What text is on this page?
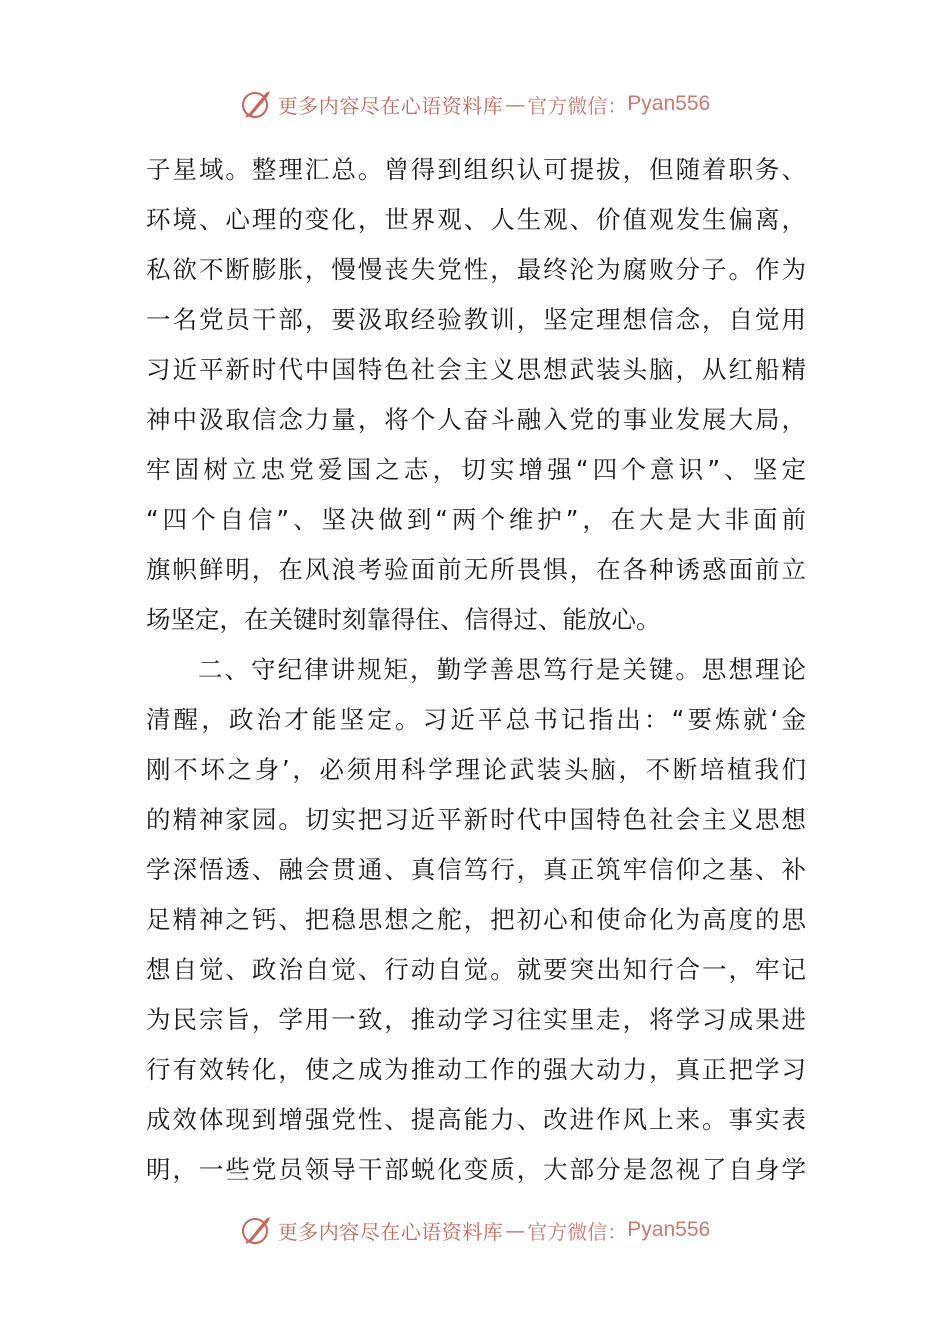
更多内容尽在心语资料库 — 官方微信： Pyan556
子星域。整理汇总。曾得到组织认可提拔，但随着职务、
环境、心理的变化，世界观、人生观、价值观发生偏离，
私欲不断膨胀，慢慢丧失党性，最终沦为腐败分子。作为
一名党员干部，要汲取经验教训，坚定理想信念，自觉用
习近平新时代中国特色社会主义思想武装头脑，从红船精
神中汲取信念力量，将个人奋斗融入党的事业发展大局，
牢固树立忠党爱国之志，切实增强“四个意识”、坚定
“四个自信”、坚决做到“两个维护”，在大是大非面前
旗帜鲜明，在风浪考验面前无所畏惧，在各种诱惑面前立
场坚定，在关键时刻靠得住、信得过、能放心。
二、守纪律讲规矩，勤学善思笃行是关键。思想理论
清醒，政治才能坚定。习近平总书记指出：“要炼就‘金
刚不坏之身’，必须用科学理论武装头脑，不断培植我们
的精神家园。切实把习近平新时代中国特色社会主义思想
学深悟透、融会贯通、真信笃行，真正筑牢信仰之基、补
足精神之钙、把稳思想之舵，把初心和使命化为高度的思
想自觉、政治自觉、行动自觉。就要突出知行合一，牢记
为民宗旨，学用一致，推动学习往实里走，将学习成果进
行有效转化，使之成为推动工作的强大动力，真正把学习
成效体现到增强党性、提高能力、改进作风上来。事实表
明，一些党员领导干部蜕化变质，大部分是忽视了自身学
更多内容尽在心语资料库 — 官方微信： Pyan556
